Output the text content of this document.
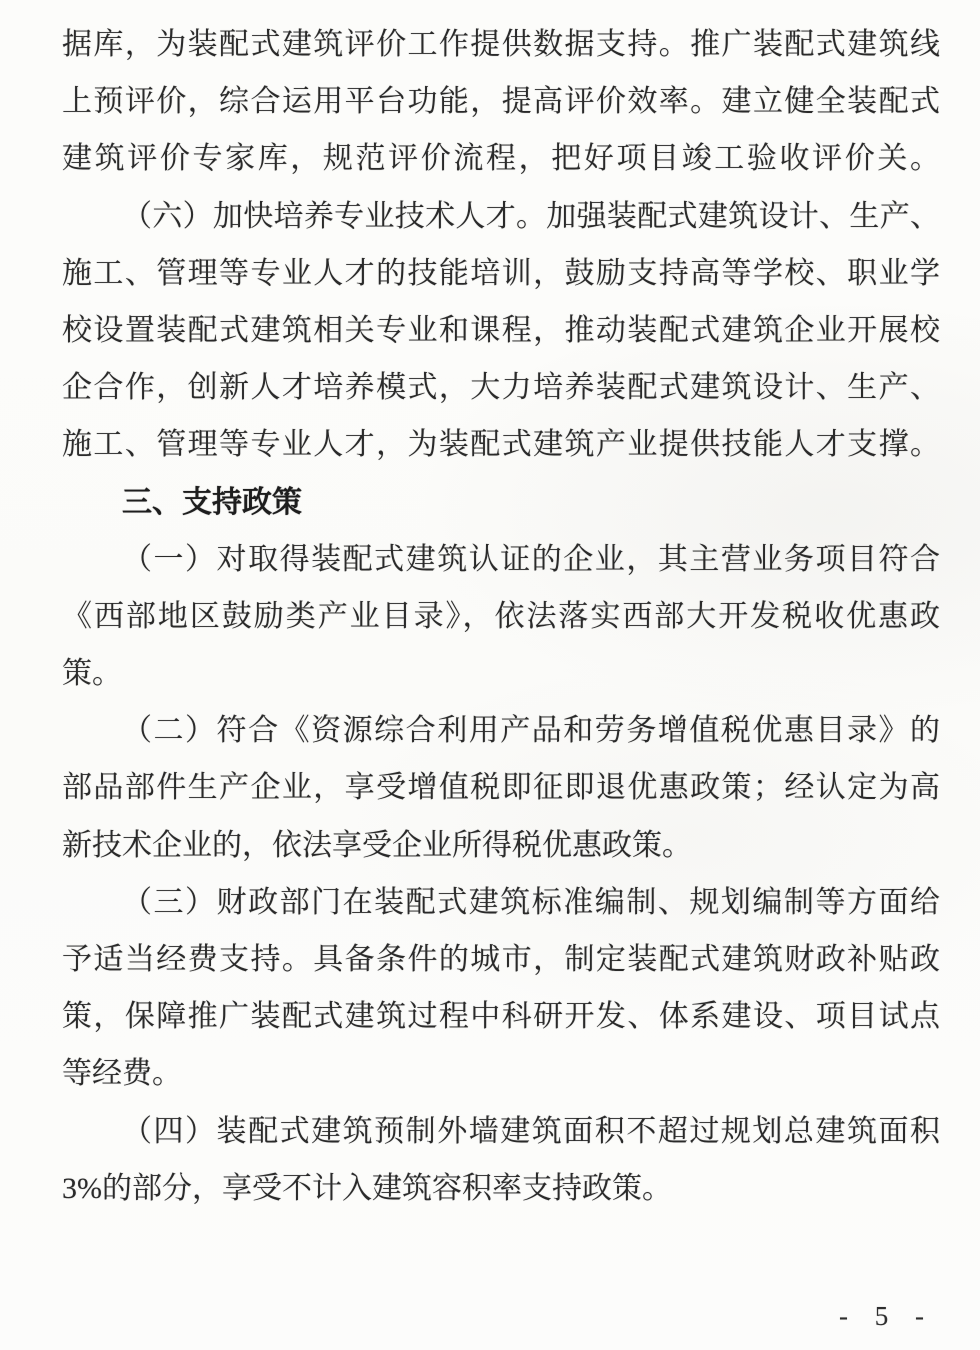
据库，为装配式建筑评价工作提供数据支持。推广装配式建筑线
上预评价，综合运用平台功能，提高评价效率。建立健全装配式
建筑评价专家库，规范评价流程，把好项目竣工验收评价关。
（六）加快培养专业技术人才。加强装配式建筑设计、生产、
施工、管理等专业人才的技能培训，鼓励支持高等学校、职业学
校设置装配式建筑相关专业和课程，推动装配式建筑企业开展校
企合作，创新人才培养模式，大力培养装配式建筑设计、生产、
施工、管理等专业人才，为装配式建筑产业提供技能人才支撑。
三、支持政策
（一）对取得装配式建筑认证的企业，其主营业务项目符合
《西部地区鼓励类产业目录》，依法落实西部大开发税收优惠政
策。
（二）符合《资源综合利用产品和劳务增值税优惠目录》的
部品部件生产企业，享受增值税即征即退优惠政策；经认定为高
新技术企业的，依法享受企业所得税优惠政策。
（三）财政部门在装配式建筑标准编制、规划编制等方面给
予适当经费支持。具备条件的城市，制定装配式建筑财政补贴政
策，保障推广装配式建筑过程中科研开发、体系建设、项目试点
等经费。
（四）装配式建筑预制外墙建筑面积不超过规划总建筑面积
3%的部分，享受不计入建筑容积率支持政策。
- 5 -
